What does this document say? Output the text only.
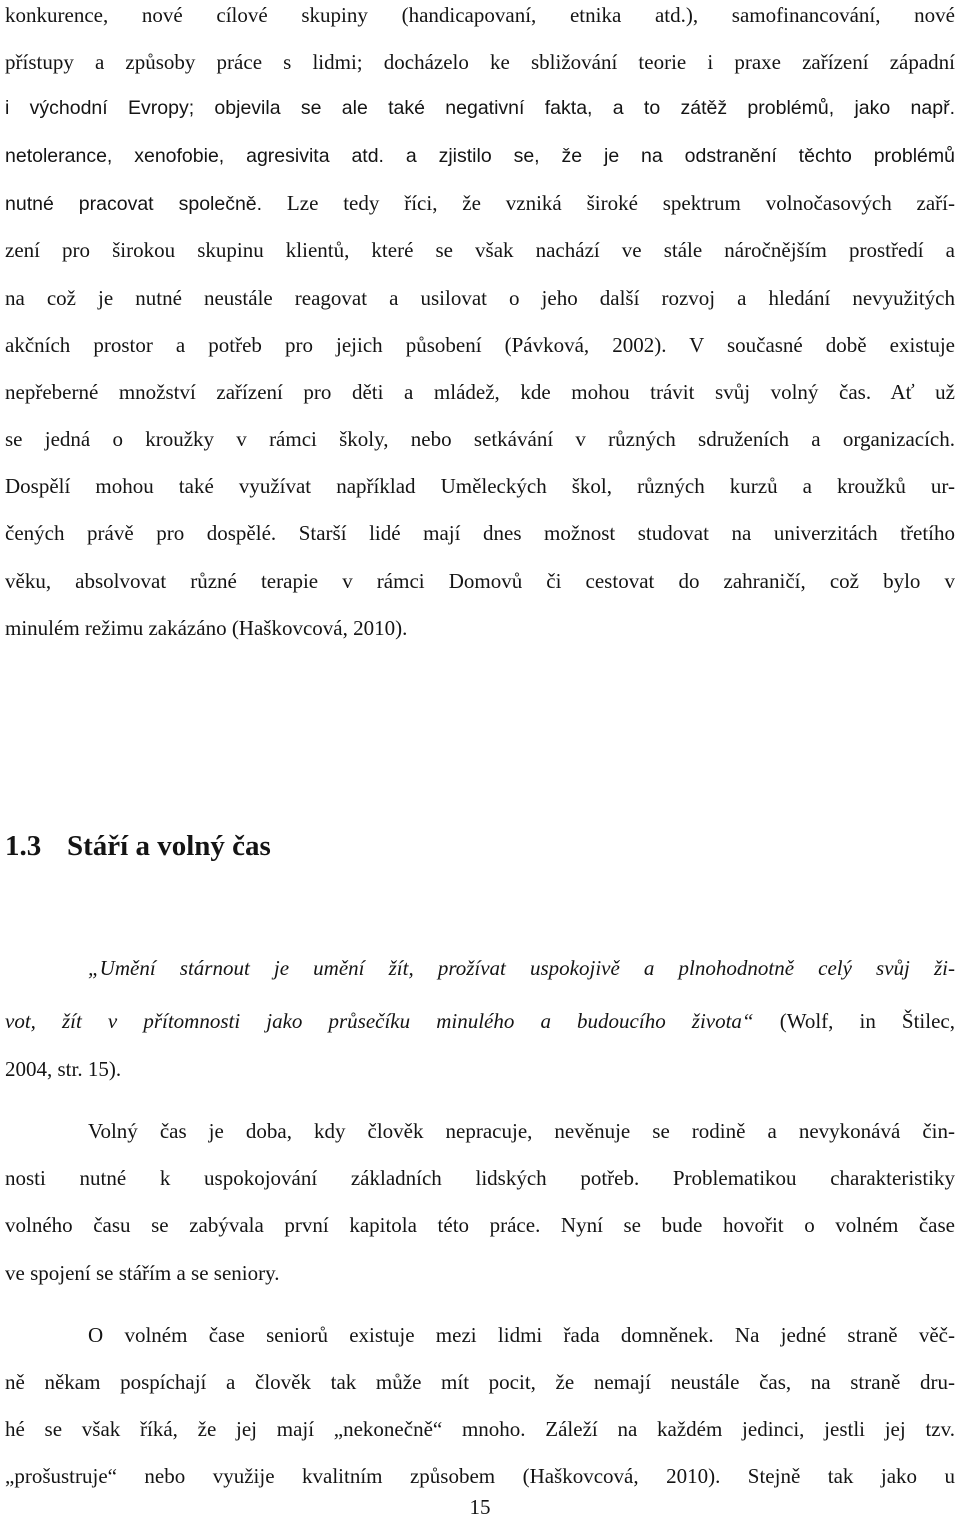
konkurence, nové cílové skupiny (handicapovaní, etnika atd.), samofinancování, nové
přístupy a způsoby práce s lidmi; docházelo ke sbližování teorie i praxe zařízení západní
i východní Evropy; objevila se ale také negativní fakta, a to zátěž problémů, jako např.
netolerance, xenofobie, agresivita atd. a zjistilo se, že je na odstranění těchto problémů
nutné pracovat společně. Lze tedy říci, že vzniká široké spektrum volnočasových zaří-
zení pro širokou skupinu klientů, které se však nachází ve stále náročnějším prostředí a
na což je nutné neustále reagovat a usilovat o jeho další rozvoj a hledání nevyužitých
akčních prostor a potřeb pro jejich působení (Pávková, 2002). V současné době existuje
nepřeberné množství zařízení pro děti a mládež, kde mohou trávit svůj volný čas. Ať už
se jedná o kroužky v rámci školy, nebo setkávání v různých sdruženích a organizacích.
Dospělí mohou také využívat například Uměleckých škol, různých kurzů a kroužků ur-
čených právě pro dospělé. Starší lidé mají dnes možnost studovat na univerzitách třetího
věku, absolvovat různé terapie v rámci Domovů či cestovat do zahraničí, což bylo v
minulém režimu zakázáno (Haškovcová, 2010).
1.3 Stáří a volný čas
„Umění stárnout je umění žít, prožívat uspokojivě a plnohodnotně celý svůj ži-
vot, žít v přítomnosti jako průsečíku minulého a budoucího života“ (Wolf, in Štilec,
2004, str. 15).
Volný čas je doba, kdy člověk nepracuje, nevěnuje se rodině a nevykonává čin-
nosti nutné k uspokojování základních lidských potřeb. Problematikou charakteristiky
volného času se zabývala první kapitola této práce. Nyní se bude hovořit o volném čase
ve spojení se stářím a se seniory.
O volném čase seniorů existuje mezi lidmi řada domněnek. Na jedné straně věč-
ně někam pospíchají a člověk tak může mít pocit, že nemají neustále čas, na straně dru-
hé se však říká, že jej mají „nekonečně“ mnoho. Záleží na každém jedinci, jestli jej tzv.
„prošustruje“ nebo využije kvalitním způsobem (Haškovcová, 2010). Stejně tak jako u
15
